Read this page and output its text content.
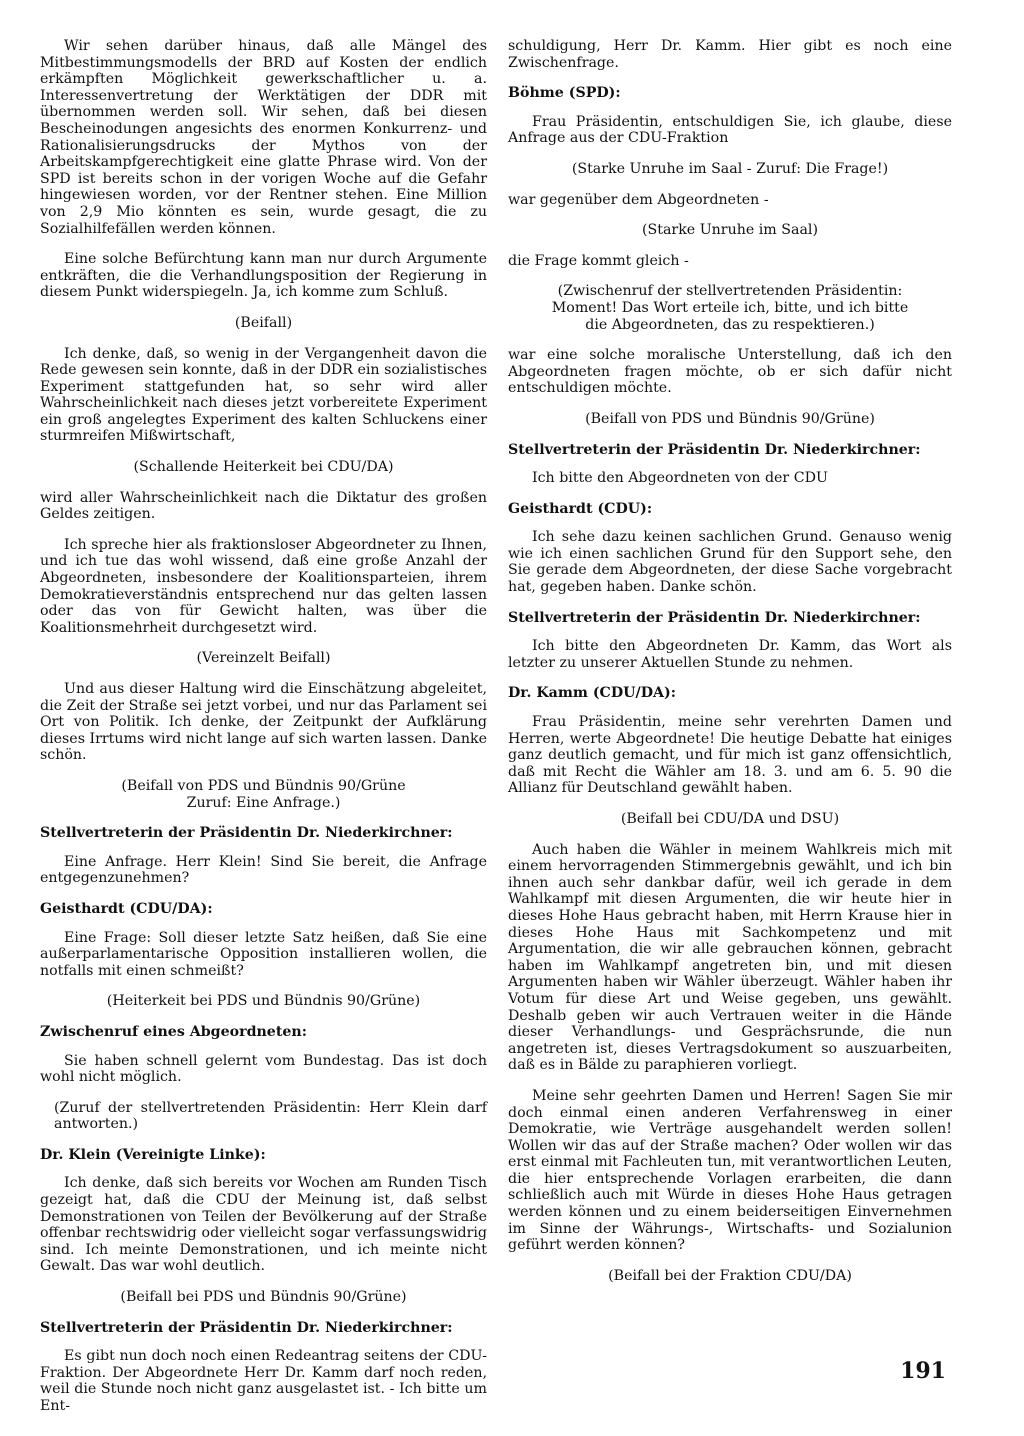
Wir sehen darüber hinaus, daß alle Mängel des Mitbestimmungsmodells der BRD auf Kosten der endlich erkämpften Möglichkeit gewerkschaftlicher u. a. Interessenvertretung der Werktätigen der DDR mit übernommen werden soll. Wir sehen, daß bei diesen Bescheinodungen angesichts des enormen Konkurrenz- und Rationalisierungsdrucks der Mythos von der Arbeitskampfgerechtigkeit eine glatte Phrase wird. Von der SPD ist bereits schon in der vorigen Woche auf die Gefahr hingewiesen worden, vor der Rentner stehen. Eine Million von 2,9 Mio könnten es sein, wurde gesagt, die zu Sozialhilfefällen werden können.
Eine solche Befürchtung kann man nur durch Argumente entkräften, die die Verhandlungsposition der Regierung in diesem Punkt widerspiegeln. Ja, ich komme zum Schluß.
(Beifall)
Ich denke, daß, so wenig in der Vergangenheit davon die Rede gewesen sein konnte, daß in der DDR ein sozialistisches Experiment stattgefunden hat, so sehr wird aller Wahrscheinlichkeit nach dieses jetzt vorbereitete Experiment ein groß angelegtes Experiment des kalten Schluckens einer sturmreifen Mißwirtschaft,
(Schallende Heiterkeit bei CDU/DA)
wird aller Wahrscheinlichkeit nach die Diktatur des großen Geldes zeitigen.
Ich spreche hier als fraktionsloser Abgeordneter zu Ihnen, und ich tue das wohl wissend, daß eine große Anzahl der Abgeordneten, insbesondere der Koalitionsparteien, ihrem Demokratieverständnis entsprechend nur das gelten lassen oder das von für Gewicht halten, was über die Koalitionsmehrheit durchgesetzt wird.
(Vereinzelt Beifall)
Und aus dieser Haltung wird die Einschätzung abgeleitet, die Zeit der Straße sei jetzt vorbei, und nur das Parlament sei Ort von Politik. Ich denke, der Zeitpunkt der Aufklärung dieses Irrtums wird nicht lange auf sich warten lassen. Danke schön.
(Beifall von PDS und Bündnis 90/Grüne
Zuruf: Eine Anfrage.)
Stellvertreterin der Präsidentin Dr. Niederkirchner:
Eine Anfrage. Herr Klein! Sind Sie bereit, die Anfrage entgegenzunehmen?
Geisthardt (CDU/DA):
Eine Frage: Soll dieser letzte Satz heißen, daß Sie eine außerparlamentarische Opposition installieren wollen, die notfalls mit einen schmeißt?
(Heiterkeit bei PDS und Bündnis 90/Grüne)
Zwischenruf eines Abgeordneten:
Sie haben schnell gelernt vom Bundestag. Das ist doch wohl nicht möglich.
(Zuruf der stellvertretenden Präsidentin: Herr Klein darf antworten.)
Dr. Klein (Vereinigte Linke):
Ich denke, daß sich bereits vor Wochen am Runden Tisch gezeigt hat, daß die CDU der Meinung ist, daß selbst Demonstrationen von Teilen der Bevölkerung auf der Straße offenbar rechtswidrig oder vielleicht sogar verfassungswidrig sind. Ich meinte Demonstrationen, und ich meinte nicht Gewalt. Das war wohl deutlich.
(Beifall bei PDS und Bündnis 90/Grüne)
Stellvertreterin der Präsidentin Dr. Niederkirchner:
Es gibt nun doch noch einen Redeantrag seitens der CDU-Fraktion. Der Abgeordnete Herr Dr. Kamm darf noch reden, weil die Stunde noch nicht ganz ausgelastet ist. - Ich bitte um Ent-
schuldigung, Herr Dr. Kamm. Hier gibt es noch eine Zwischenfrage.
Böhme (SPD):
Frau Präsidentin, entschuldigen Sie, ich glaube, diese Anfrage aus der CDU-Fraktion
(Starke Unruhe im Saal - Zuruf: Die Frage!)
war gegenüber dem Abgeordneten -
(Starke Unruhe im Saal)
die Frage kommt gleich -
(Zwischenruf der stellvertretenden Präsidentin:
Moment! Das Wort erteile ich, bitte, und ich bitte
die Abgeordneten, das zu respektieren.)
war eine solche moralische Unterstellung, daß ich den Abgeordneten fragen möchte, ob er sich dafür nicht entschuldigen möchte.
(Beifall von PDS und Bündnis 90/Grüne)
Stellvertreterin der Präsidentin Dr. Niederkirchner:
Ich bitte den Abgeordneten von der CDU
Geisthardt (CDU):
Ich sehe dazu keinen sachlichen Grund. Genauso wenig wie ich einen sachlichen Grund für den Support sehe, den Sie gerade dem Abgeordneten, der diese Sache vorgebracht hat, gegeben haben. Danke schön.
Stellvertreterin der Präsidentin Dr. Niederkirchner:
Ich bitte den Abgeordneten Dr. Kamm, das Wort als letzter zu unserer Aktuellen Stunde zu nehmen.
Dr. Kamm (CDU/DA):
Frau Präsidentin, meine sehr verehrten Damen und Herren, werte Abgeordnete! Die heutige Debatte hat einiges ganz deutlich gemacht, und für mich ist ganz offensichtlich, daß mit Recht die Wähler am 18. 3. und am 6. 5. 90 die Allianz für Deutschland gewählt haben.
(Beifall bei CDU/DA und DSU)
Auch haben die Wähler in meinem Wahlkreis mich mit einem hervorragenden Stimmergebnis gewählt, und ich bin ihnen auch sehr dankbar dafür, weil ich gerade in dem Wahlkampf mit diesen Argumenten, die wir heute hier in dieses Hohe Haus gebracht haben, mit Herrn Krause hier in dieses Hohe Haus mit Sachkompetenz und mit Argumentation, die wir alle gebrauchen können, gebracht haben im Wahlkampf angetreten bin, und mit diesen Argumenten haben wir Wähler überzeugt. Wähler haben ihr Votum für diese Art und Weise gegeben, uns gewählt. Deshalb geben wir auch Vertrauen weiter in die Hände dieser Verhandlungs- und Gesprächsrunde, die nun angetreten ist, dieses Vertragsdokument so auszuarbeiten, daß es in Bälde zu paraphieren vorliegt.
Meine sehr geehrten Damen und Herren! Sagen Sie mir doch einmal einen anderen Verfahrensweg in einer Demokratie, wie Verträge ausgehandelt werden sollen! Wollen wir das auf der Straße machen? Oder wollen wir das erst einmal mit Fachleuten tun, mit verantwortlichen Leuten, die hier entsprechende Vorlagen erarbeiten, die dann schließlich auch mit Würde in dieses Hohe Haus getragen werden können und zu einem beiderseitigen Einvernehmen im Sinne der Währungs-, Wirtschafts- und Sozialunion geführt werden können?
(Beifall bei der Fraktion CDU/DA)
191
